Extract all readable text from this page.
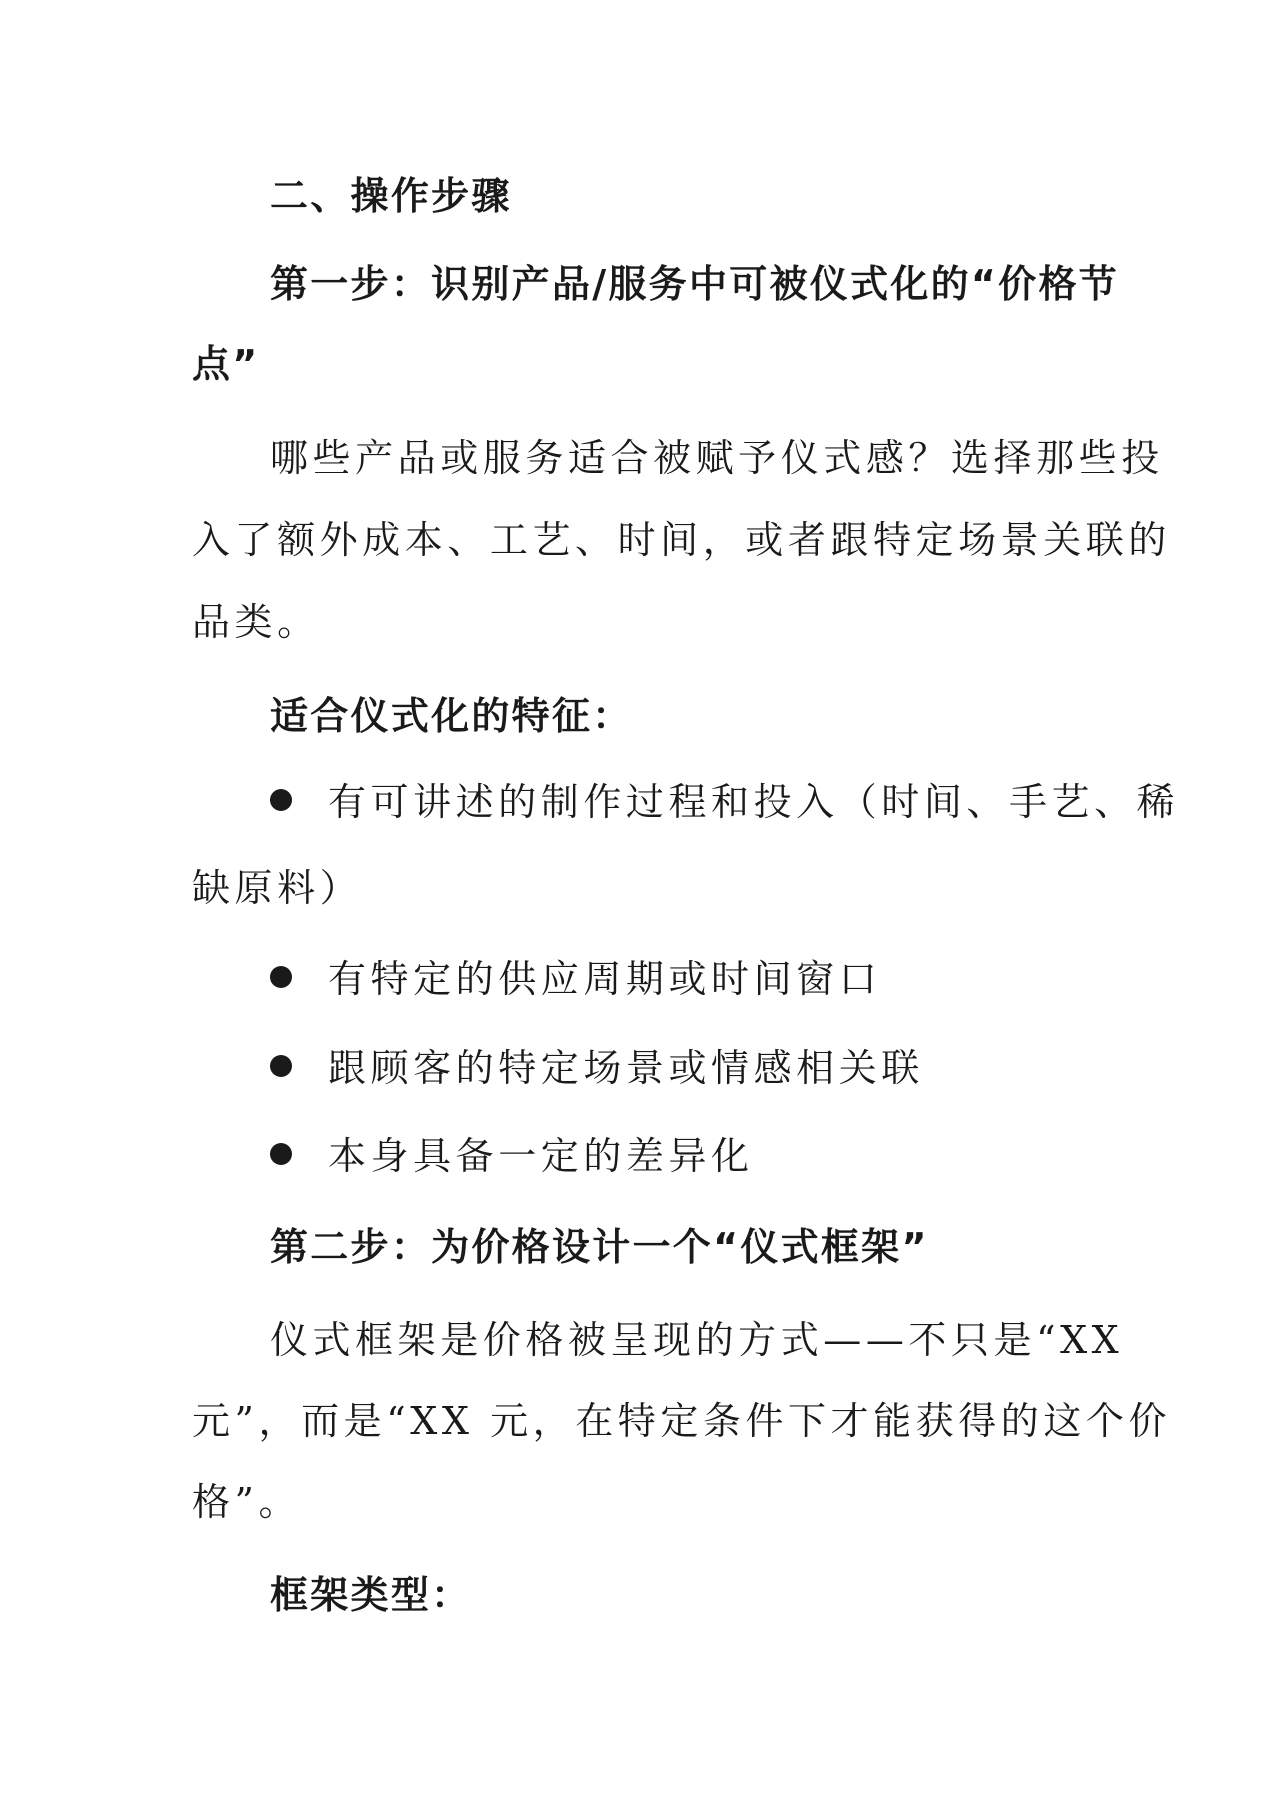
二、操作步骤
第一步：识别产品/服务中可被仪式化的“价格节
点”
哪些产品或服务适合被赋予仪式感？选择那些投
入了额外成本、工艺、时间，或者跟特定场景关联的
品类。
适合仪式化的特征：
有可讲述的制作过程和投入（时间、手艺、稀
缺原料）
有特定的供应周期或时间窗口
跟顾客的特定场景或情感相关联
本身具备一定的差异化
第二步：为价格设计一个“仪式框架”
仪式框架是价格被呈现的方式——不只是“XX
元”，而是“XX 元，在特定条件下才能获得的这个价
格”。
框架类型：
